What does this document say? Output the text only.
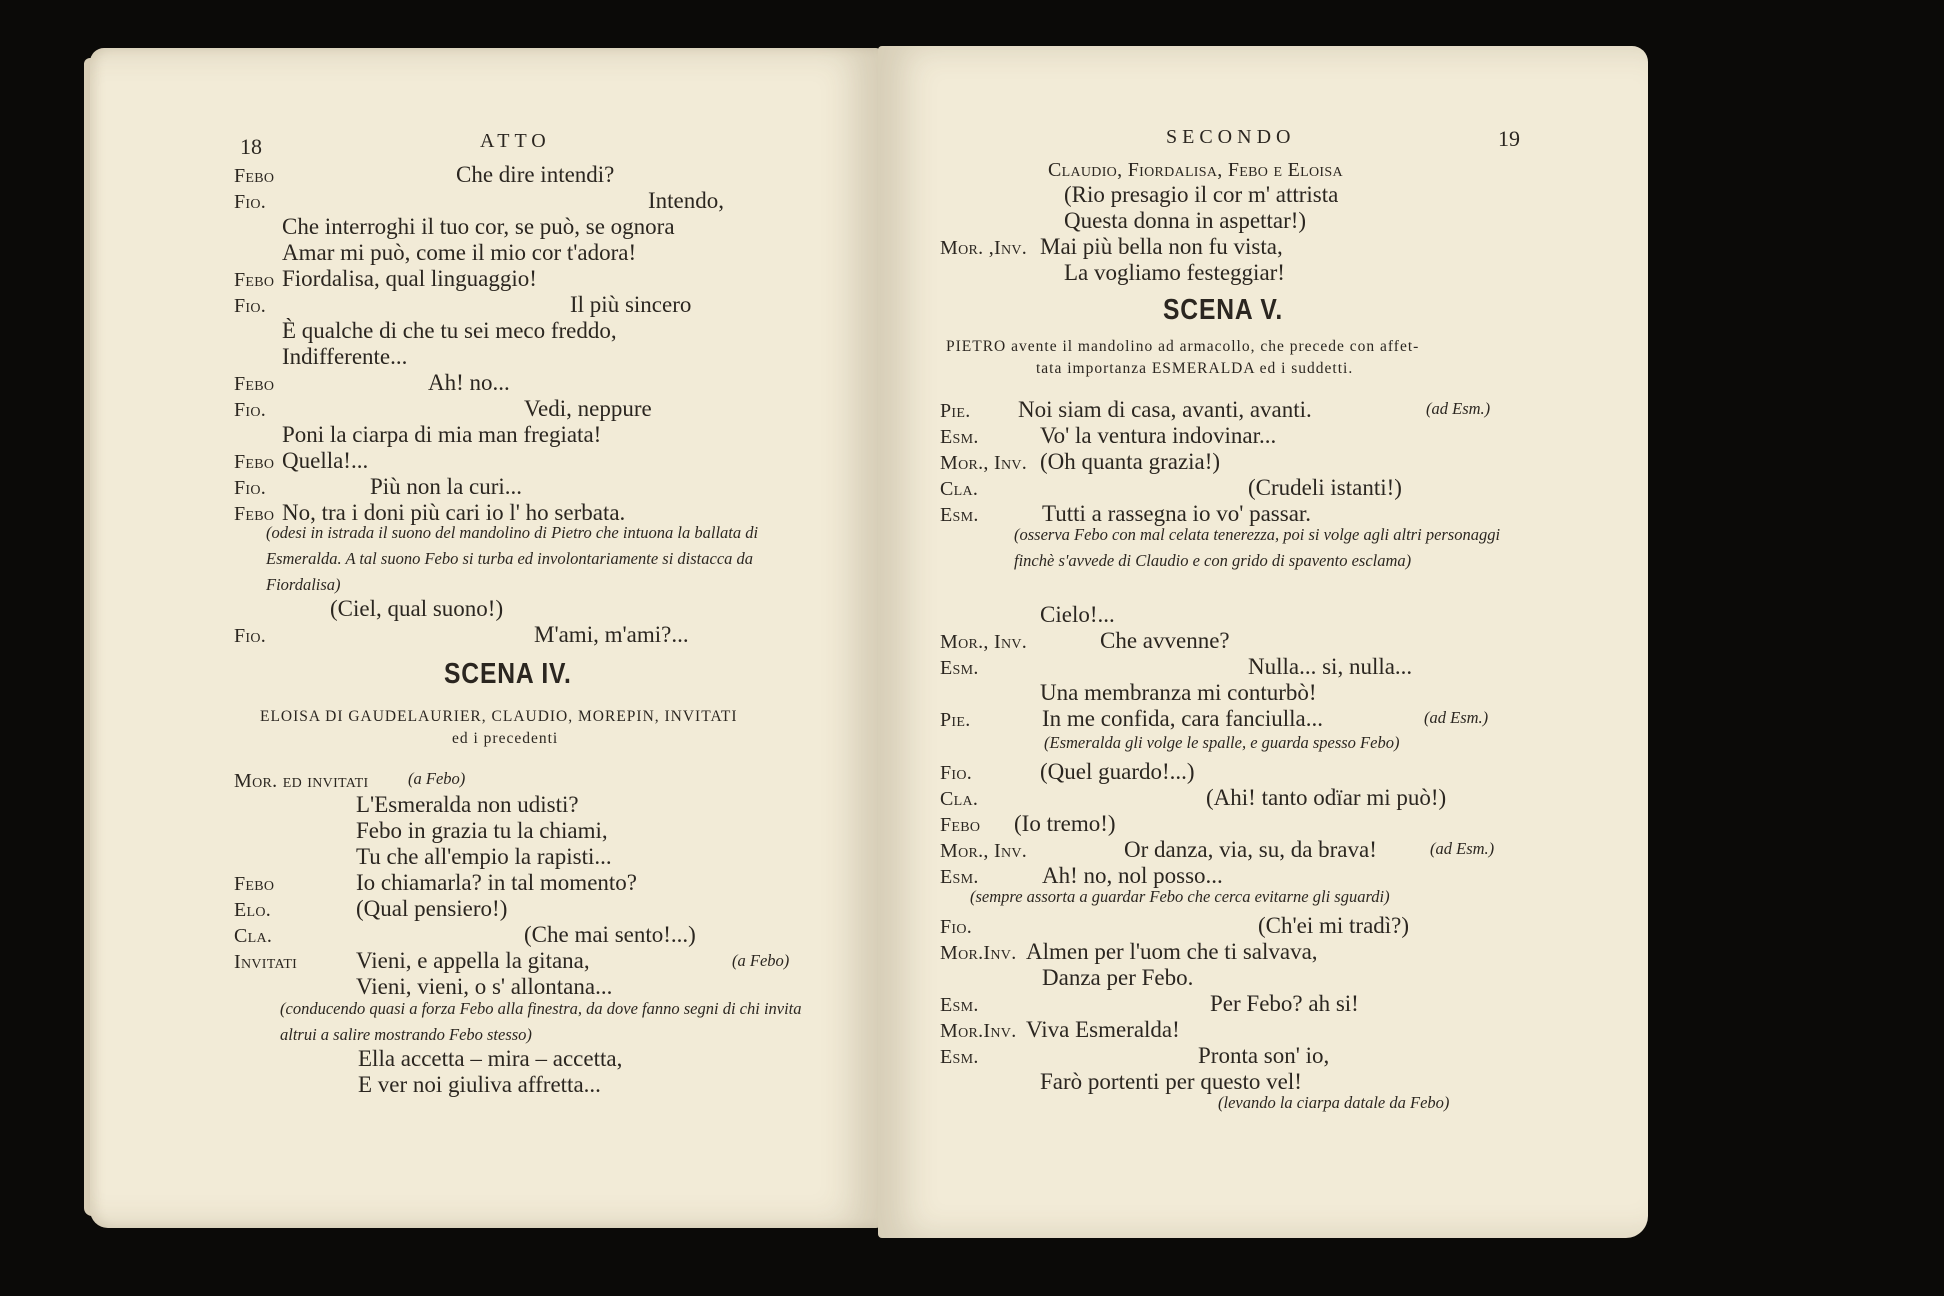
18	ATTO
Febo	Che dire intendi?
Fio.	Intendo,
Che interroghi il tuo cor, se può, se ognora
Amar mi può, come il mio cor t'adora!
Febo Fiordalisa, qual linguaggio!
Fio.	Il più sincero
È qualche di che tu sei meco freddo,
Indifferente...
Febo	Ah! no...
Fio.	Vedi, neppure
Poni la ciarpa di mia man fregiata!
Febo Quella!...
Fio.	Più non la curi...
Febo No, tra i doni più cari io l' ho serbata.
(odesi in istrada il suono del mandolino di Pietro che intuona la ballata di Esmeralda. A tal suono Febo si turba ed involontariamente si distacca da Fiordalisa)
(Ciel, qual suono!)
Fio.	M'ami, m'ami?...
SCENA IV.
ELOISA DI GAUDELAURIER, CLAUDIO, MOREPIN, INVITATI
ed i precedenti
Mor. ed invitati (a Febo)
L'Esmeralda non udisti?
Febo in grazia tu la chiami,
Tu che all'empio la rapisti...
Febo	Io chiamarla? in tal momento?
Elo.	(Qual pensiero!)
Cla.	(Che mai sento!...)
Invitati	Vieni, e appella la gitana,	(a Febo)
Vieni, vieni, o s' allontana...
(conducendo quasi a forza Febo alla finestra, da dove fanno segni di chi invita altrui a salire mostrando Febo stesso)
Ella accetta – mira – accetta,
E ver noi giuliva affretta...
SECONDO	19
Claudio, Fiordalisa, Febo e Eloisa
(Rio presagio il cor m' attrista
Questa donna in aspettar!)
Mor. ,Inv. Mai più bella non fu vista,
La vogliamo festeggiar!
SCENA V.
PIETRO avente il mandolino ad armacollo, che precede con affet-
tata importanza ESMERALDA ed i suddetti.
Pie. Noi siam di casa, avanti, avanti.	(ad Esm.)
Esm.	Vo' la ventura indovinar...
Mor., Inv. (Oh quanta grazia!)
Cla.	(Crudeli istanti!)
Esm.	Tutti a rassegna io vo' passar.
(osserva Febo con mal celata tenerezza, poi si volge agli altri personaggi finchè s'avvede di Claudio e con grido di spavento esclama)
Cielo!...
Mor., Inv.	Che avvenne?
Esm.	Nulla... si, nulla...
Una membranza mi conturbò!
Pie.	In me confida, cara fanciulla...	(ad Esm.)
(Esmeralda gli volge le spalle, e guarda spesso Febo)
Fio.	(Quel guardo!...)
Cla.	(Ahi! tanto odïar mi può!)
Febo (Io tremo!)
Mor., Inv.	Or danza, via, su, da brava!	(ad Esm.)
Esm.	Ah! no, nol posso...
(sempre assorta a guardar Febo che cerca evitarne gli sguardi)
Fio.	(Ch'ei mi tradì?)
Mor.Inv. Almen per l'uom che ti salvava,
Danza per Febo.
Esm.	Per Febo? ah si!
Mor.Inv. Viva Esmeralda!
Esm.	Pronta son' io,
Farò portenti per questo vel!
(levando la ciarpa datale da Febo)
